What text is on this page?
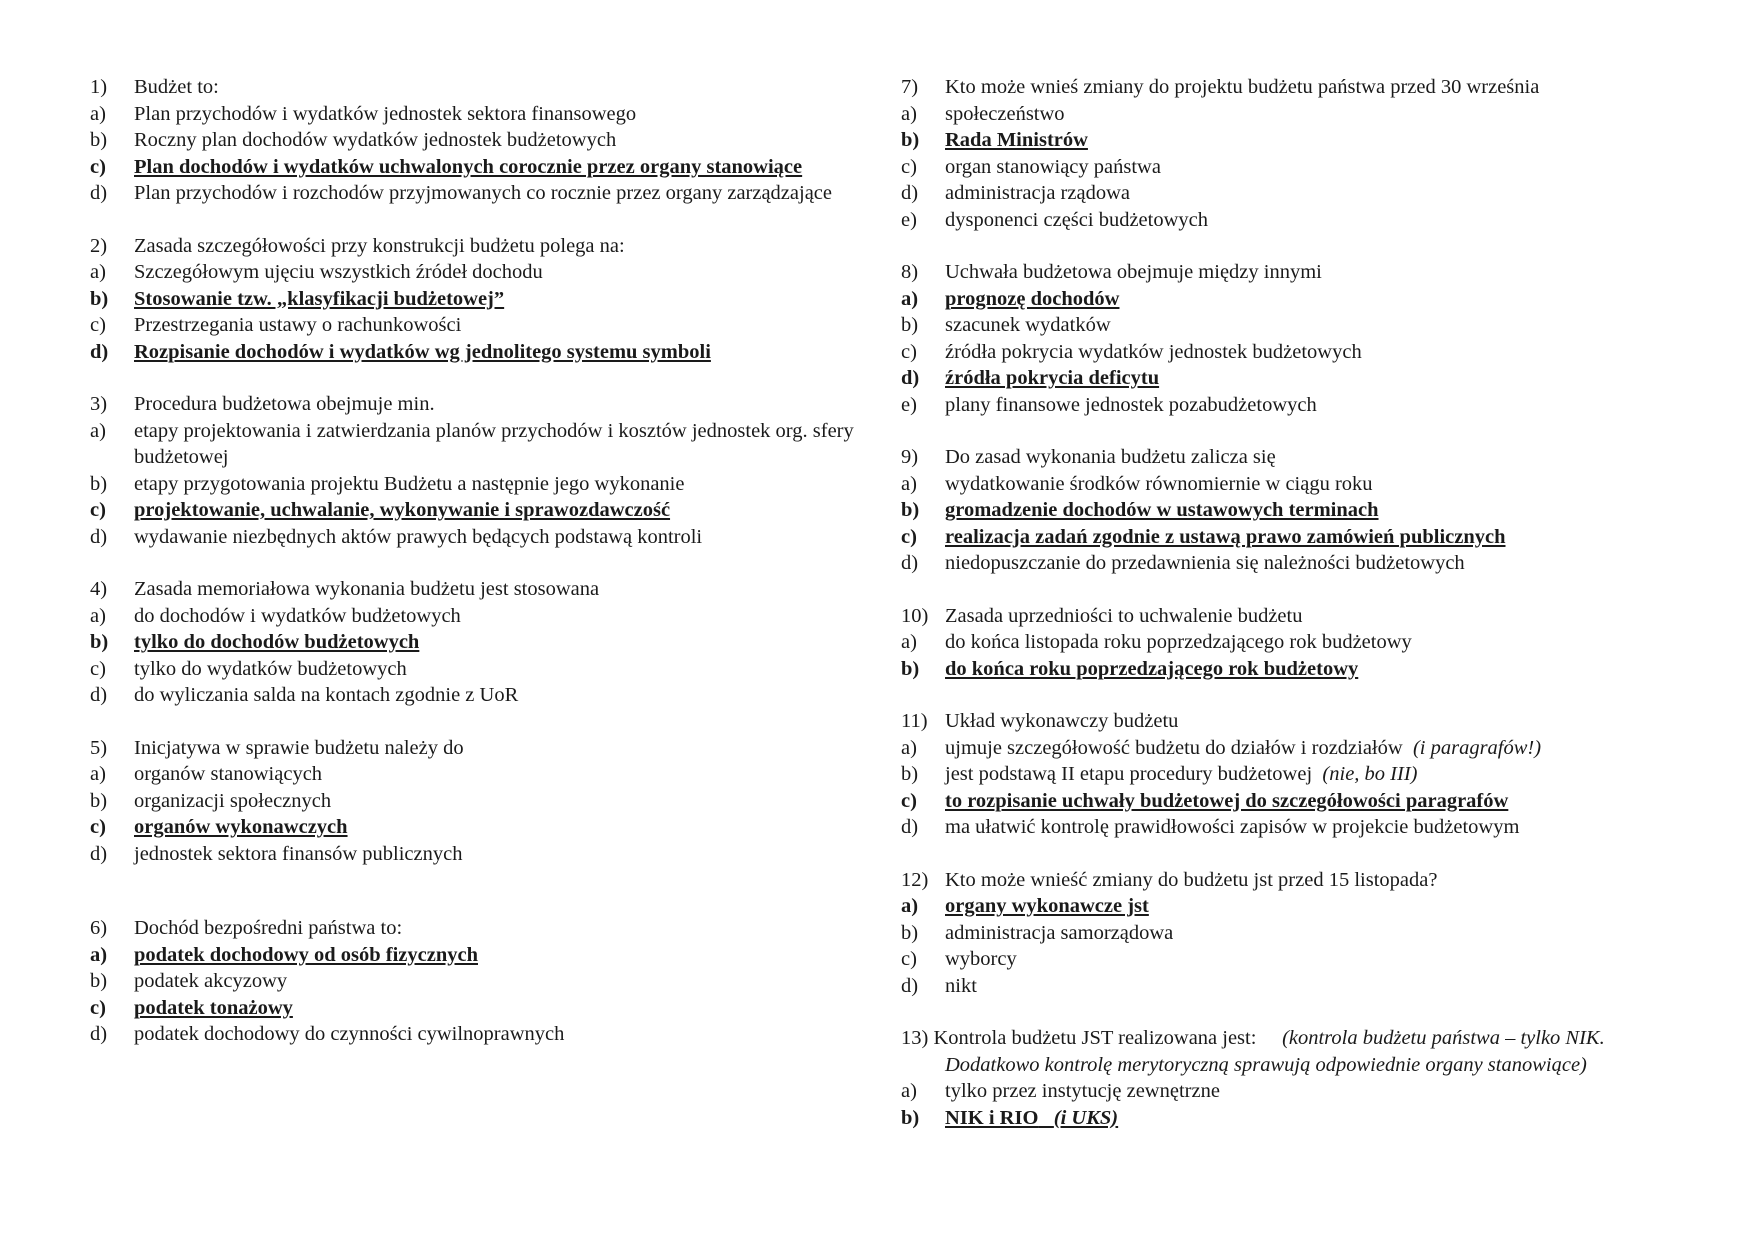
1)	Budżet to:
a)	Plan przychodów i wydatków jednostek sektora finansowego
b)	Roczny plan dochodów wydatków jednostek budżetowych
c)	Plan dochodów i wydatków uchwalonych corocznie przez organy stanowiące
d)	Plan przychodów i rozchodów przyjmowanych co rocznie przez organy zarządzające
2)	Zasada szczegółowości przy konstrukcji budżetu polega na:
a)	Szczegółowym ujęciu wszystkich źródeł dochodu
b)	Stosowanie tzw. „klasyfikacji budżetowej”
c)	Przestrzegania ustawy o rachunkowości
d)	Rozpisanie dochodów i wydatków wg jednolitego systemu symboli
3)	Procedura budżetowa obejmuje min.
a)	etapy projektowania i zatwierdzania planów przychodów i kosztów jednostek org. sfery budżetowej
b)	etapy przygotowania projektu Budżetu a następnie jego wykonanie
c)	projektowanie, uchwalanie, wykonywanie i sprawozdawczość
d)	wydawanie niezbędnych aktów prawych będących podstawą kontroli
4)	Zasada memoriałowa wykonania budżetu jest stosowana
a)	do dochodów i wydatków budżetowych
b)	tylko do dochodów budżetowych
c)	tylko do wydatków budżetowych
d)	do wyliczania salda na kontach zgodnie z UoR
5)	Inicjatywa w sprawie budżetu należy do
a)	organów stanowiących
b)	organizacji społecznych
c)	organów wykonawczych
d)	jednostek sektora finansów publicznych
6)	Dochód bezpośredni państwa to:
a)	podatek dochodowy od osób fizycznych
b)	podatek akcyzowy
c)	podatek tonażowy
d)	podatek dochodowy do czynności cywilnoprawnych
7)	Kto może wnieś zmiany do projektu budżetu państwa przed 30 września
a)	społeczeństwo
b)	Rada Ministrów
c)	organ stanowiący państwa
d)	administracja rządowa
e)	dysponenci części budżetowych
8)	Uchwała budżetowa obejmuje między innymi
a)	prognozę dochodów
b)	szacunek wydatków
c)	źródła pokrycia wydatków jednostek budżetowych
d)	źródła pokrycia deficytu
e)	plany finansowe jednostek pozabudżetowych
9)	Do zasad wykonania budżetu zalicza się
a)	wydatkowanie środków równomiernie w ciągu roku
b)	gromadzenie dochodów w ustawowych terminach
c)	realizacja zadań zgodnie z ustawą prawo zamówień publicznych
d)	niedopuszczanie do przedawnienia się należności budżetowych
10) Zasada uprzedniości to uchwalenie budżetu
a)	do końca listopada roku poprzedzającego rok budżetowy
b)	do końca roku poprzedzającego rok budżetowy
11) Układ wykonawczy budżetu
a)	ujmuje szczegółowość budżetu do działów i rozdziałów (i paragrafów!)
b)	jest podstawą II etapu procedury budżetowej (nie, bo III)
c)	to rozpisanie uchwały budżetowej do szczegółowości paragrafów
d)	ma ułatwić kontrolę prawidłowości zapisów w projekcie budżetowym
12) Kto może wnieść zmiany do budżetu jst przed 15 listopada?
a)	organy wykonawcze jst
b)	administracja samorządowa
c)	wyborcy
d)	nikt
13) Kontrola budżetu JST realizowana jest: (kontrola budżetu państwa – tylko NIK.
Dodatkowo kontrolę merytoryczną sprawują odpowiednie organy stanowiące)
a)	tylko przez instytucję zewnętrzne
b)	NIK i RIO (i UKS)
